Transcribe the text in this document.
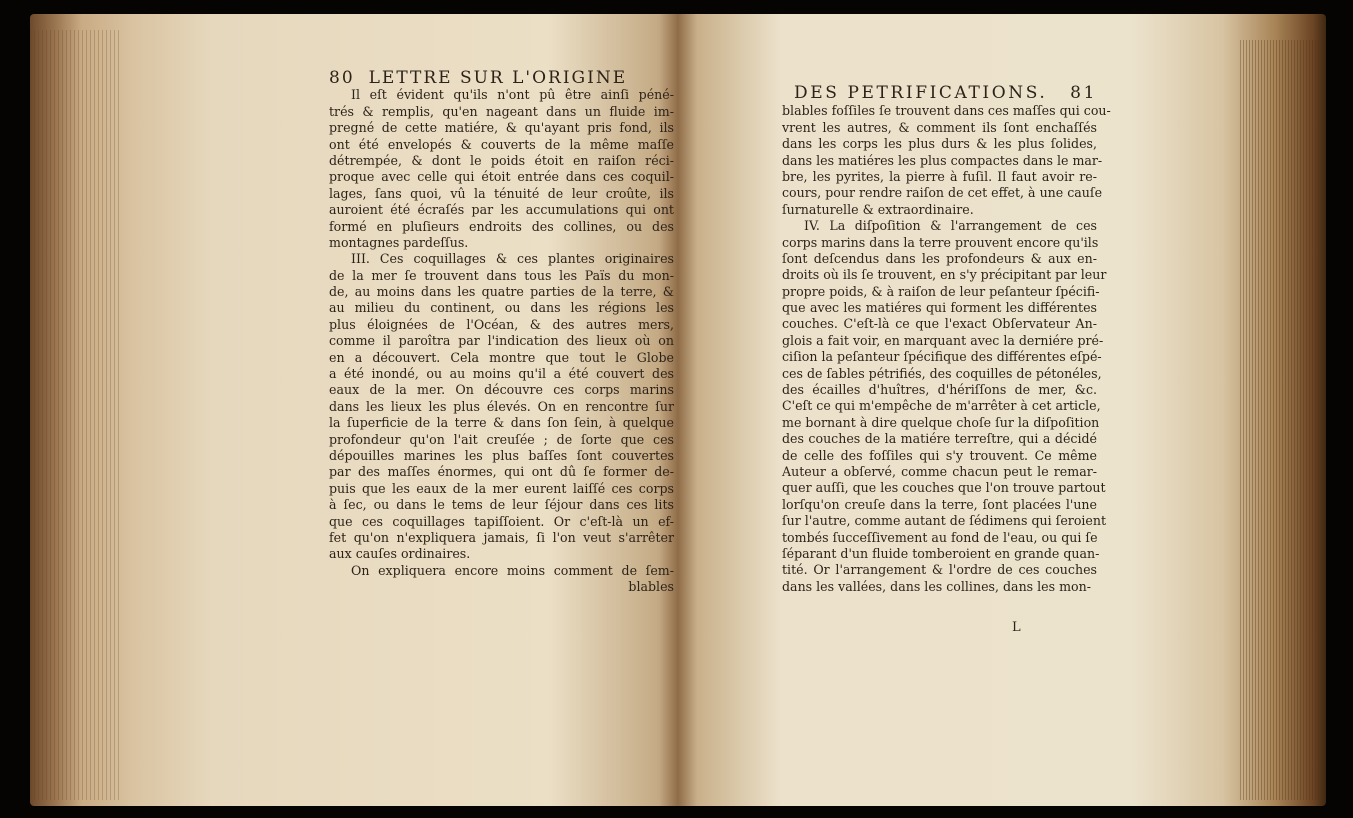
80 LETTRE SUR L'ORIGINE
Il eſt évident qu'ils n'ont pû être ainſi péné-
trés & remplis, qu'en nageant dans un fluide im-
pregné de cette matiére, & qu'ayant pris fond, ils
ont été envelopés & couverts de la même maſſe
détrempée, & dont le poids étoit en raiſon réci-
proque avec celle qui étoit entrée dans ces coquil-
lages, ſans quoi, vû la ténuité de leur croûte, ils
auroient été écraſés par les accumulations qui ont
formé en pluſieurs endroits des collines, ou des
montagnes pardeſſus.
III. Ces coquillages & ces plantes originaires
de la mer ſe trouvent dans tous les Païs du mon-
de, au moins dans les quatre parties de la terre, &
au milieu du continent, ou dans les régions les
plus éloignées de l'Océan, & des autres mers,
comme il paroîtra par l'indication des lieux où on
en a découvert. Cela montre que tout le Globe
a été inondé, ou au moins qu'il a été couvert des
eaux de la mer. On découvre ces corps marins
dans les lieux les plus élevés. On en rencontre ſur
la ſuperficie de la terre & dans ſon ſein, à quelque
profondeur qu'on l'ait creuſée ; de ſorte que ces
dépouilles marines les plus baſſes ſont couvertes
par des maſſes énormes, qui ont dû ſe former de-
puis que les eaux de la mer eurent laiſſé ces corps
à ſec, ou dans le tems de leur ſéjour dans ces lits
que ces coquillages tapiſſoient. Or c'eſt-là un ef-
fet qu'on n'expliquera jamais, ſi l'on veut s'arrêter
aux cauſes ordinaires.
On expliquera encore moins comment de ſem-
blables
DES PETRIFICATIONS. 81
blables foſſiles ſe trouvent dans ces maſſes qui cou-
vrent les autres, & comment ils ſont enchaſſés
dans les corps les plus durs & les plus ſolides,
dans les matiéres les plus compactes dans le mar-
bre, les pyrites, la pierre à fuſil. Il faut avoir re-
cours, pour rendre raiſon de cet effet, à une cauſe
ſurnaturelle & extraordinaire.
IV. La diſpoſition & l'arrangement de ces
corps marins dans la terre prouvent encore qu'ils
ſont deſcendus dans les profondeurs & aux en-
droits où ils ſe trouvent, en s'y précipitant par leur
propre poids, & à raiſon de leur peſanteur ſpécifi-
que avec les matiéres qui forment les différentes
couches. C'eſt-là ce que l'exact Obſervateur An-
glois a fait voir, en marquant avec la derniére pré-
ciſion la peſanteur ſpécifique des différentes eſpé-
ces de ſables pétrifiés, des coquilles de pétonéles,
des écailles d'huîtres, d'hériſſons de mer, &c.
C'eſt ce qui m'empêche de m'arrêter à cet article,
me bornant à dire quelque choſe ſur la diſpoſition
des couches de la matiére terreſtre, qui a décidé
de celle des foſſiles qui s'y trouvent. Ce même
Auteur a obſervé, comme chacun peut le remar-
quer auſſi, que les couches que l'on trouve partout
lorſqu'on creuſe dans la terre, ſont placées l'une
ſur l'autre, comme autant de ſédimens qui ſeroient
tombés ſucceſſivement au fond de l'eau, ou qui ſe
ſéparant d'un fluide tomberoient en grande quan-
tité. Or l'arrangement & l'ordre de ces couches
dans les vallées, dans les collines, dans les mon-
L
